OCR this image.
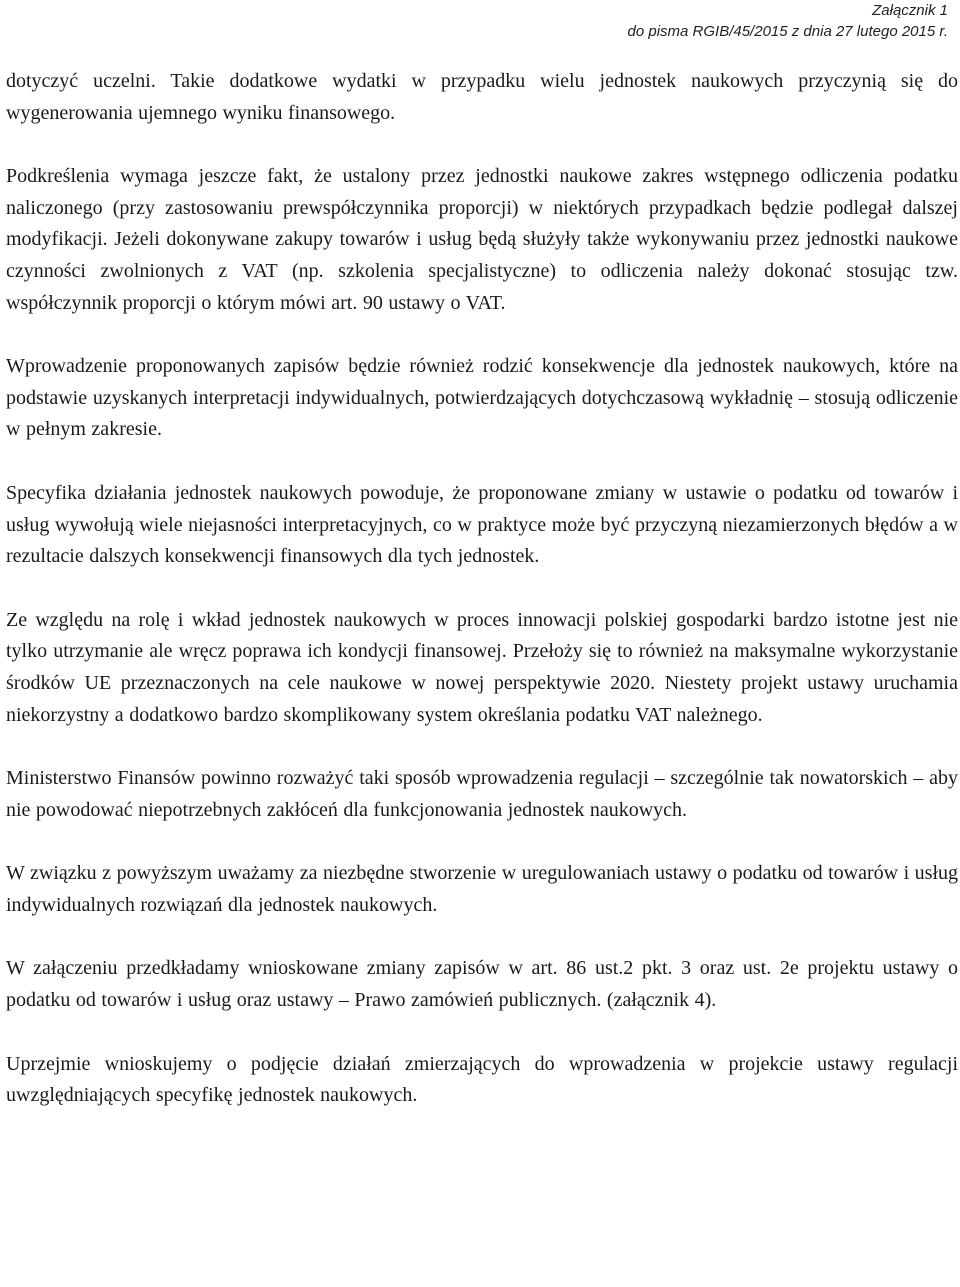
Załącznik 1
do pisma RGIB/45/2015 z dnia 27 lutego 2015 r.

dotyczyć uczelni. Takie dodatkowe wydatki w przypadku wielu jednostek naukowych przyczynią się do wygenerowania ujemnego wyniku finansowego.

Podkreślenia wymaga jeszcze fakt, że ustalony przez jednostki naukowe zakres wstępnego odliczenia podatku naliczonego (przy zastosowaniu prewspółczynnika proporcji) w niektórych przypadkach będzie podlegał dalszej modyfikacji. Jeżeli dokonywane zakupy towarów i usług będą służyły także wykonywaniu przez jednostki naukowe czynności zwolnionych z VAT (np. szkolenia specjalistyczne) to odliczenia należy dokonać stosując tzw. współczynnik proporcji o którym mówi art. 90 ustawy o VAT.

Wprowadzenie proponowanych zapisów będzie również rodzić konsekwencje dla jednostek naukowych, które na podstawie uzyskanych interpretacji indywidualnych, potwierdzających dotychczasową wykładnię – stosują odliczenie w pełnym zakresie.

Specyfika działania jednostek naukowych powoduje, że proponowane zmiany w ustawie o podatku od towarów i usług wywołują wiele niejasności interpretacyjnych, co w praktyce może być przyczyną niezamierzonych błędów a w rezultacie dalszych konsekwencji finansowych dla tych jednostek.

Ze względu na rolę i wkład jednostek naukowych w proces innowacji polskiej gospodarki bardzo istotne jest nie tylko utrzymanie ale wręcz poprawa ich kondycji finansowej. Przełoży się to również na maksymalne wykorzystanie środków UE przeznaczonych na cele naukowe w nowej perspektywie 2020. Niestety projekt ustawy uruchamia niekorzystny a dodatkowo bardzo skomplikowany system określania podatku VAT należnego.

Ministerstwo Finansów powinno rozważyć taki sposób wprowadzenia regulacji – szczególnie tak nowatorskich – aby nie powodować niepotrzebnych zakłóceń dla funkcjonowania jednostek naukowych.

W związku z powyższym uważamy za niezbędne stworzenie w uregulowaniach ustawy o podatku od towarów i usług indywidualnych rozwiązań dla jednostek naukowych.

W załączeniu przedkładamy wnioskowane zmiany zapisów w art. 86 ust.2 pkt. 3 oraz ust. 2e projektu ustawy o podatku od towarów i usług oraz ustawy – Prawo zamówień publicznych. (załącznik 4).

Uprzejmie wnioskujemy o podjęcie działań zmierzających do wprowadzenia w projekcie ustawy regulacji uwzględniających specyfikę jednostek naukowych.
